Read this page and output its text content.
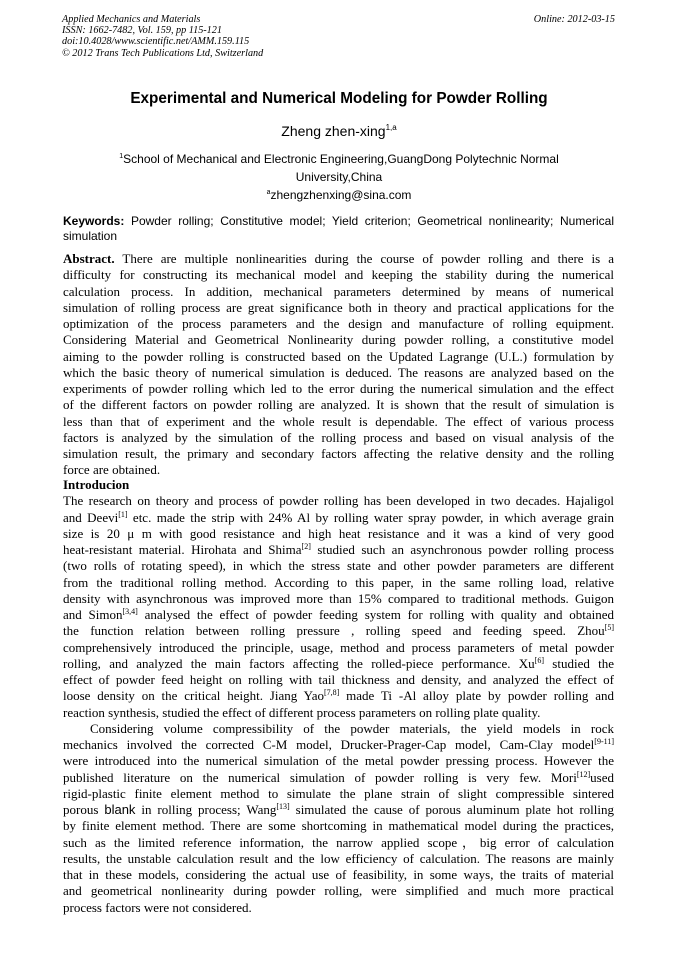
Applied Mechanics and Materials
ISSN: 1662-7482, Vol. 159, pp 115-121
doi:10.4028/www.scientific.net/AMM.159.115
© 2012 Trans Tech Publications Ltd, Switzerland
Online: 2012-03-15
Experimental and Numerical Modeling for Powder Rolling
Zheng zhen-xing$^{1,a}$
$^1$School of Mechanical and Electronic Engineering,GuangDong Polytechnic Normal
University,China
$^a$zhengzhenxing@sina.com
Keywords: Powder rolling; Constitutive model; Yield criterion; Geometrical nonlinearity; Numerical
simulation
Abstract. There are multiple nonlinearities during the course of powder rolling and there is a
difficulty for constructing its mechanical model and keeping the stability during the numerical
calculation process. In addition, mechanical parameters determined by means of numerical
simulation of rolling process are great significance both in theory and practical applications for the
optimization of the process parameters and the design and manufacture of rolling equipment.
Considering Material and Geometrical Nonlinearity during powder rolling, a constitutive model
aiming to the powder rolling is constructed based on the Updated Lagrange (U.L.) formulation by
which the basic theory of numerical simulation is deduced. The reasons are analyzed based on the
experiments of powder rolling which led to the error during the numerical simulation and the effect
of the different factors on powder rolling are analyzed. It is shown that the result of simulation is
less than that of experiment and the whole result is dependable. The effect of various process
factors is analyzed by the simulation of the rolling process and based on visual analysis of the
simulation result, the primary and secondary factors affecting the relative density and the rolling
force are obtained.
Introducion
The research on theory and process of powder rolling has been developed in two decades. Hajaligol
and Deevi[1] etc. made the strip with 24% Al by rolling water spray powder, in which average grain
size is 20 μ m with good resistance and high heat resistance and it was a kind of very good
heat-resistant material. Hirohata and Shima[2] studied such an asynchronous powder rolling process
(two rolls of rotating speed), in which the stress state and other powder parameters are different
from the traditional rolling method. According to this paper, in the same rolling load, relative
density with asynchronous was improved more than 15% compared to traditional methods. Guigon
and Simon[3,4] analysed the effect of powder feeding system for rolling with quality and obtained
the function relation between rolling pressure , rolling speed and feeding speed. Zhou[5]
comprehensively introduced the principle, usage, method and process parameters of metal powder
rolling, and analyzed the main factors affecting the rolled-piece performance. Xu[6] studied the
effect of powder feed height on rolling with tail thickness and density, and analyzed the effect of
loose density on the critical height. Jiang Yao[7,8] made Ti -Al alloy plate by powder rolling and
reaction synthesis, studied the effect of different process parameters on rolling plate quality.
Considering volume compressibility of the powder materials, the yield models in rock
mechanics involved the corrected C-M model, Drucker-Prager-Cap model, Cam-Clay model[9-11]
were introduced into the numerical simulation of the metal powder pressing process. However the
published literature on the numerical simulation of powder rolling is very few. Mori[12]used
rigid-plastic finite element method to simulate the plane strain of slight compressible sintered
porous blank in rolling process; Wang[13] simulated the cause of porous aluminum plate hot rolling
by finite element method. There are some shortcoming in mathematical model during the practices,
such as the limited reference information, the narrow applied scope，big error of calculation
results, the unstable calculation result and the low efficiency of calculation. The reasons are mainly
that in these models, considering the actual use of feasibility, in some ways, the traits of material
and geometrical nonlinearity during powder rolling, were simplified and much more practical
process factors were not considered.
